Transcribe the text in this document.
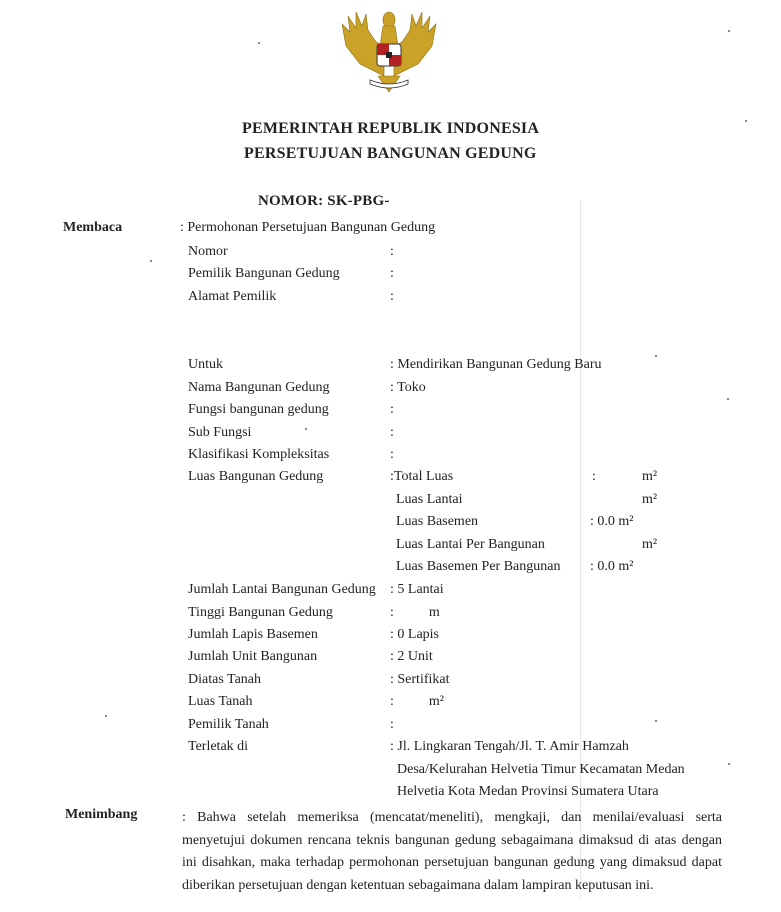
PEMERINTAH REPUBLIK INDONESIA
PERSETUJUAN BANGUNAN GEDUNG
NOMOR: SK-PBG-
Membaca	: Permohonan Persetujuan Bangunan Gedung
Nomor	:
Pemilik Bangunan Gedung	:
Alamat Pemilik	:
Untuk	: Mendirikan Bangunan Gedung Baru
Nama Bangunan Gedung	: Toko
Fungsi bangunan gedung	:
Sub Fungsi	:
Klasifikasi Kompleksitas	:
Luas Bangunan Gedung	:Total Luas	:	m²
Luas Lantai	m²
Luas Basemen	: 0.0 m²
Luas Lantai Per Bangunan	m²
Luas Basemen Per Bangunan : 0.0 m²
Jumlah Lantai Bangunan Gedung : 5 Lantai
Tinggi Bangunan Gedung	:          m
Jumlah Lapis Basemen	: 0 Lapis
Jumlah Unit Bangunan	: 2 Unit
Diatas Tanah	: Sertifikat
Luas Tanah	:          m²
Pemilik Tanah	:
Terletak di	: Jl. Lingkaran Tengah/Jl. T. Amir Hamzah
Desa/Kelurahan Helvetia Timur Kecamatan Medan
Helvetia Kota Medan Provinsi Sumatera Utara
Menimbang	: Bahwa setelah memeriksa (mencatat/meneliti), mengkaji, dan menilai/evaluasi serta menyetujui dokumen rencana teknis bangunan gedung sebagaimana dimaksud di atas dengan ini disahkan, maka terhadap permohonan persetujuan bangunan gedung yang dimaksud dapat diberikan persetujuan dengan ketentuan sebagaimana dalam lampiran keputusan ini.
